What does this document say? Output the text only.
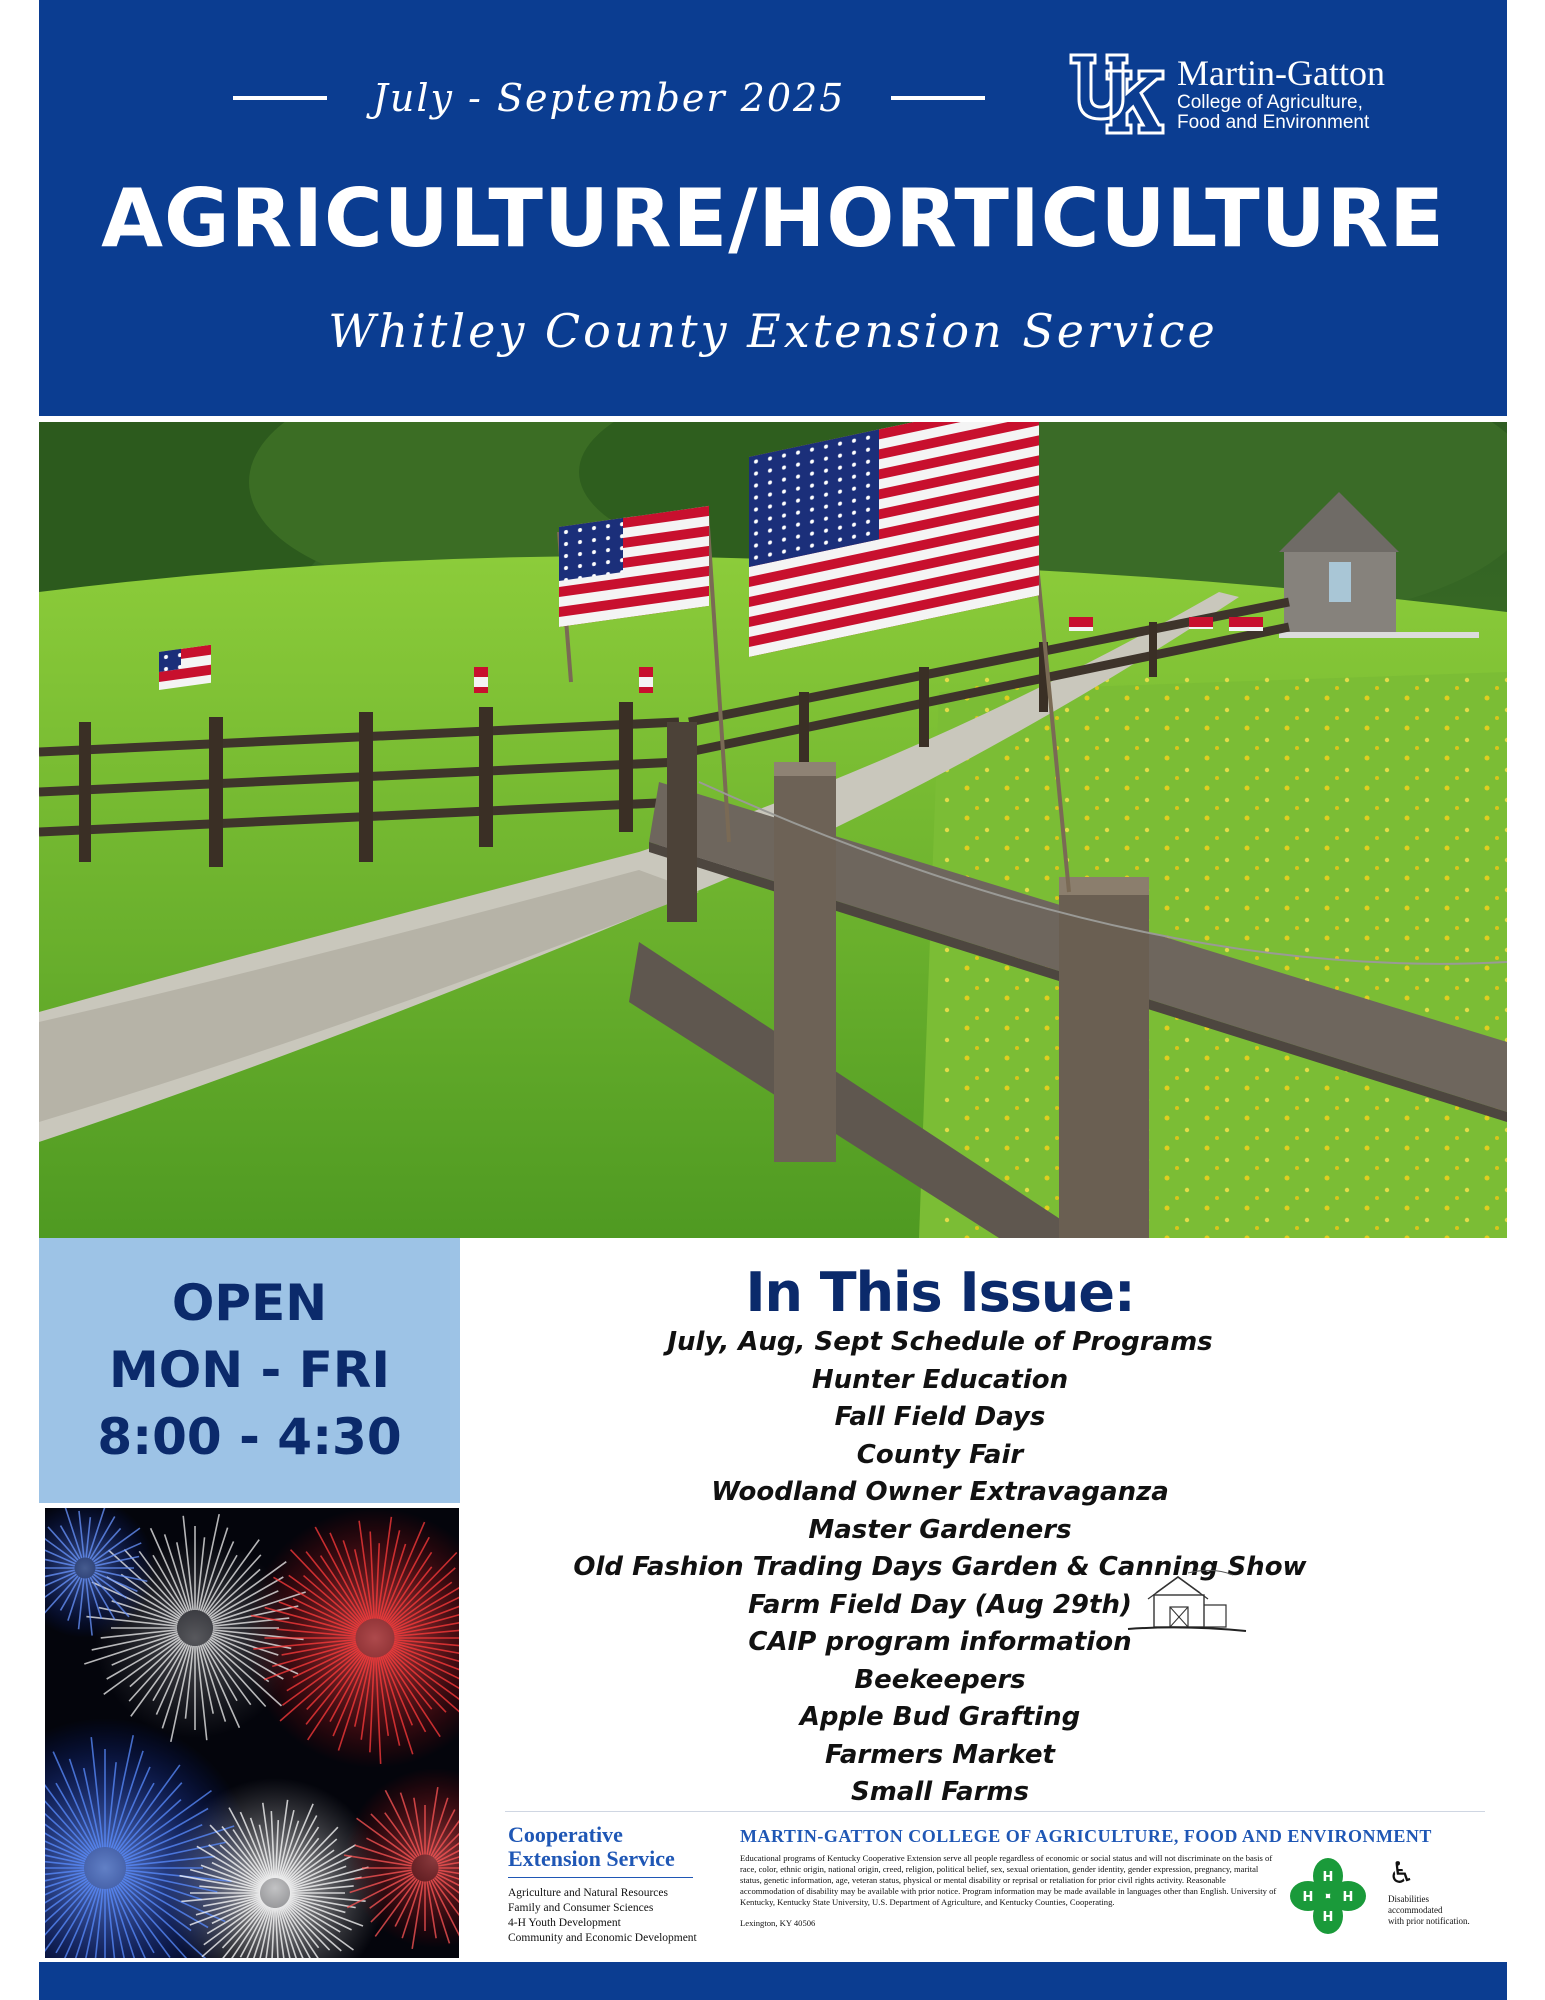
July - September 2025
Martin-Gatton
College of Agriculture,
Food and Environment
AGRICULTURE/HORTICULTURE
Whitley County Extension Service
OPEN
MON - FRI
8:00 - 4:30
In This Issue:
July, Aug, Sept Schedule of Programs
Hunter Education
Fall Field Days
County Fair
Woodland Owner Extravaganza
Master Gardeners
Old Fashion Trading Days Garden & Canning Show
Farm Field Day (Aug 29th)
CAIP program information
Beekeepers
Apple Bud Grafting
Farmers Market
Small Farms
Cooperative
Extension Service
Agriculture and Natural Resources
Family and Consumer Sciences
4-H Youth Development
Community and Economic Development
MARTIN-GATTON COLLEGE OF AGRICULTURE, FOOD AND ENVIRONMENT
Educational programs of Kentucky Cooperative Extension serve all people regardless of economic or social status and will not discriminate on the basis of race, color, ethnic origin, national origin, creed, religion, political belief, sex, sexual orientation, gender identity, gender expression, pregnancy, marital status, genetic information, age, veteran status, physical or mental disability or reprisal or retaliation for prior civil rights activity. Reasonable accommodation of disability may be available with prior notice. Program information may be made available in languages other than English. University of Kentucky, Kentucky State University, U.S. Department of Agriculture, and Kentucky Counties, Cooperating.
Lexington, KY 40506
H
H
H H
♿
Disabilities
accommodated
with prior notification.
